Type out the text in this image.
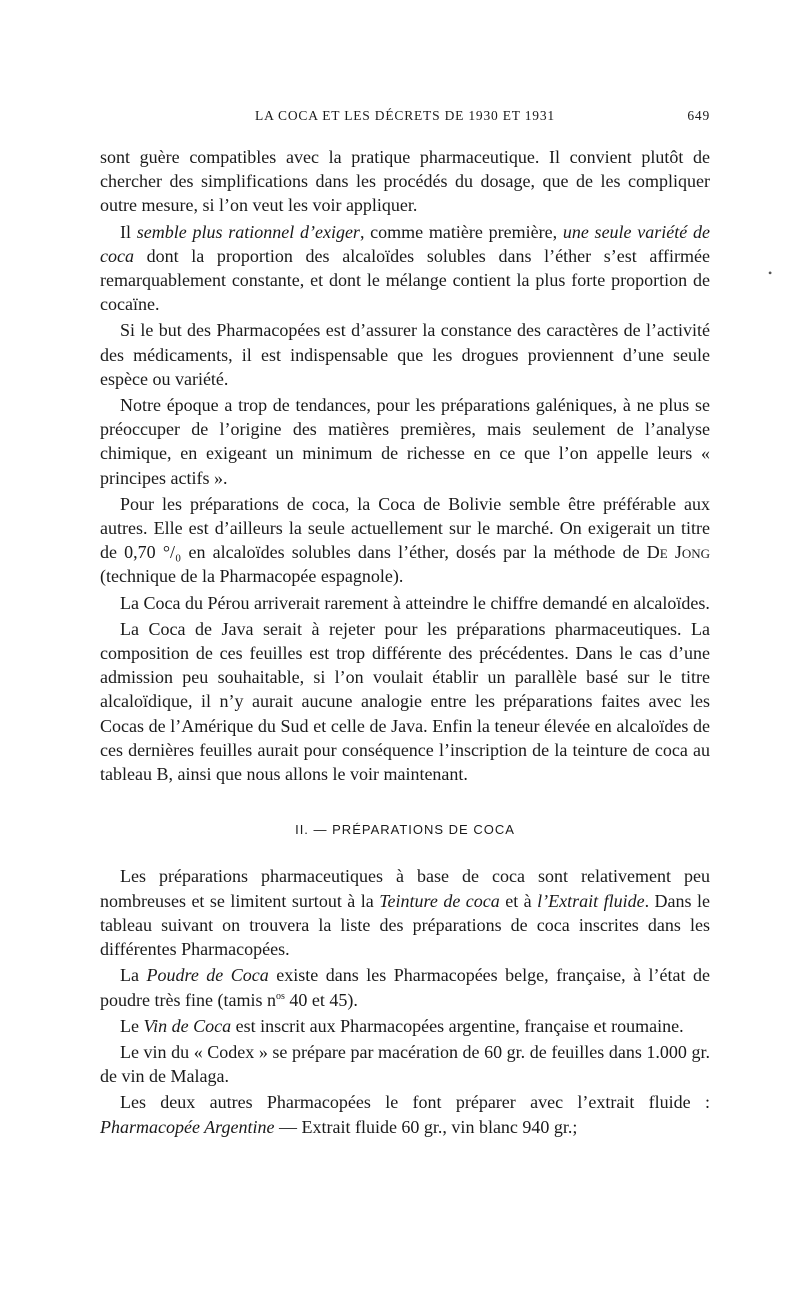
LA COCA ET LES DÉCRETS DE 1930 ET 1931	649

sont guère compatibles avec la pratique pharmaceutique. Il convient plutôt de chercher des simplifications dans les procédés du dosage, que de les compliquer outre mesure, si l’on veut les voir appliquer.

Il semble plus rationnel d’exiger, comme matière première, une seule variété de coca dont la proportion des alcaloïdes solubles dans l’éther s’est affirmée remarquablement constante, et dont le mélange contient la plus forte proportion de cocaïne.

Si le but des Pharmacopées est d’assurer la constance des caractères de l’activité des médicaments, il est indispensable que les drogues proviennent d’une seule espèce ou variété.

Notre époque a trop de tendances, pour les préparations galéniques, à ne plus se préoccuper de l’origine des matières premières, mais seulement de l’analyse chimique, en exigeant un minimum de richesse en ce que l’on appelle leurs « principes actifs ».

Pour les préparations de coca, la Coca de Bolivie semble être préférable aux autres. Elle est d’ailleurs la seule actuellement sur le marché. On exigerait un titre de 0,70 °/₀ en alcaloïdes solubles dans l’éther, dosés par la méthode de De Jong (technique de la Pharmacopée espagnole).

La Coca du Pérou arriverait rarement à atteindre le chiffre demandé en alcaloïdes.

La Coca de Java serait à rejeter pour les préparations pharmaceutiques. La composition de ces feuilles est trop différente des précédentes. Dans le cas d’une admission peu souhaitable, si l’on voulait établir un parallèle basé sur le titre alcaloïdique, il n’y aurait aucune analogie entre les préparations faites avec les Cocas de l’Amérique du Sud et celle de Java. Enfin la teneur élevée en alcaloïdes de ces dernières feuilles aurait pour conséquence l’inscription de la teinture de coca au tableau B, ainsi que nous allons le voir maintenant.

II. — PRÉPARATIONS DE COCA

Les préparations pharmaceutiques à base de coca sont relativement peu nombreuses et se limitent surtout à la Teinture de coca et à l’Extrait fluide. Dans le tableau suivant on trouvera la liste des préparations de coca inscrites dans les différentes Pharmacopées.

La Poudre de Coca existe dans les Pharmacopées belge, française, à l’état de poudre très fine (tamis $n^{os}$ 40 et 45).

Le Vin de Coca est inscrit aux Pharmacopées argentine, française et roumaine.

Le vin du « Codex » se prépare par macération de 60 gr. de feuilles dans 1.000 gr. de vin de Malaga.

Les deux autres Pharmacopées le font préparer avec l’extrait fluide : Pharmacopée Argentine — Extrait fluide 60 gr., vin blanc 940 gr.;

•
